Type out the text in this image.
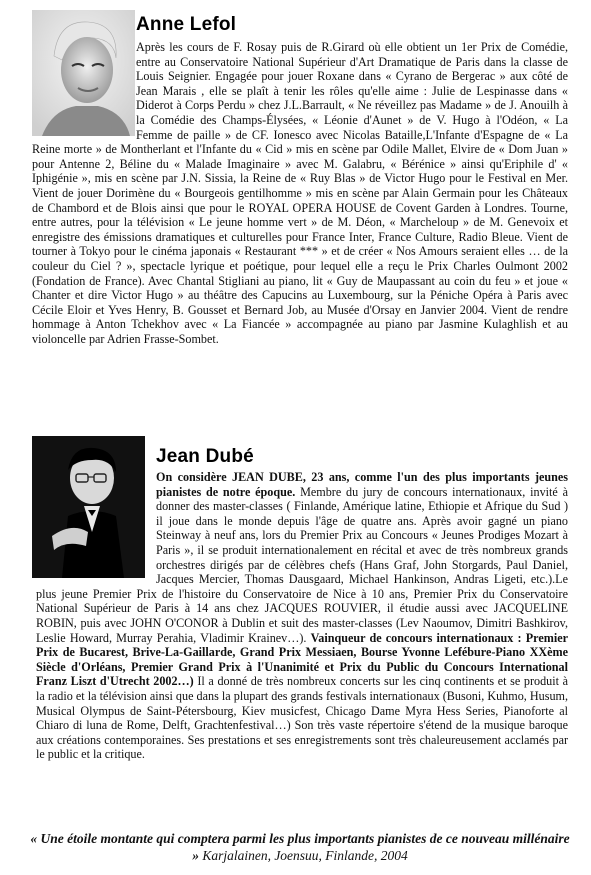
Anne Lefol

Après les cours de F. Rosay puis de R.Girard où elle obtient un 1er Prix de Comédie, entre au Conservatoire National Supérieur d'Art Dramatique de Paris dans la classe de Louis Seignier. Engagée pour jouer Roxane dans « Cyrano de Bergerac » aux côté de Jean Marais , elle se plaît à tenir les rôles qu'elle aime : Julie de Lespinasse dans « Diderot à Corps Perdu » chez J.L.Barrault, « Ne réveillez pas Madame » de J. Anouilh à la Comédie des Champs-Élysées, « Léonie d'Aunet » de V. Hugo à l'Odéon, « La Femme de paille » de CF. Ionesco avec Nicolas Bataille,L'Infante d'Espagne de « La Reine morte » de Montherlant et l'Infante du « Cid » mis en scène par Odile Mallet, Elvire de « Dom Juan » pour Antenne 2, Béline du « Malade Imaginaire » avec M. Galabru, « Bérénice » ainsi qu'Eriphile d' « Iphigénie », mis en scène par J.N. Sissia, la Reine de « Ruy Blas » de Victor Hugo pour le Festival en Mer. Vient de jouer Dorimène du « Bourgeois gentilhomme » mis en scène par Alain Germain pour les Châteaux de Chambord et de Blois ainsi que pour le ROYAL OPERA HOUSE de Covent Garden à Londres. Tourne, entre autres, pour la télévision « Le jeune homme vert » de M. Déon, « Marcheloup » de M. Genevoix et enregistre des émissions dramatiques et culturelles pour France Inter, France Culture, Radio Bleue. Vient de tourner à Tokyo pour le cinéma japonais « Restaurant *** » et de créer « Nos Amours seraient elles … de la couleur du Ciel ? », spectacle lyrique et poétique, pour lequel elle a reçu le Prix Charles Oulmont 2002 (Fondation de France). Avec Chantal Stigliani au piano, lit « Guy de Maupassant au coin du feu » et joue « Chanter et dire Victor Hugo » au théâtre des Capucins au Luxembourg, sur la Péniche Opéra à Paris avec Cécile Eloir et Yves Henry, B. Gousset et Bernard Job, au Musée d'Orsay en Janvier 2004. Vient de rendre hommage à Anton Tchekhov avec « La Fiancée » accompagnée au piano par Jasmine Kulaghlish et au violoncelle par Adrien Frasse-Sombet.

Jean Dubé

On considère JEAN DUBE, 23 ans, comme l'un des plus importants jeunes pianistes de notre époque. Membre du jury de concours internationaux, invité à donner des master-classes ( Finlande, Amérique latine, Ethiopie et Afrique du Sud ) il joue dans le monde depuis l'âge de quatre ans. Après avoir gagné un piano Steinway à neuf ans, lors du Premier Prix au Concours « Jeunes Prodiges Mozart à Paris », il se produit internationalement en récital et avec de très nombreux grands orchestres dirigés par de célèbres chefs (Hans Graf, John Storgards, Paul Daniel, Jacques Mercier, Thomas Dausgaard, Michael Hankinson, Andras Ligeti, etc.).Le plus jeune Premier Prix de l'histoire du Conservatoire de Nice à 10 ans, Premier Prix du Conservatoire National Supérieur de Paris à 14 ans chez JACQUES ROUVIER, il étudie aussi avec JACQUELINE ROBIN, puis avec JOHN O'CONOR à Dublin et suit des master-classes (Lev Naoumov, Dimitri Bashkirov, Leslie Howard, Murray Perahia, Vladimir Krainev…). Vainqueur de concours internationaux : Premier Prix de Bucarest, Brive-La-Gaillarde, Grand Prix Messiaen, Bourse Yvonne Lefébure-Piano XXème Siècle d'Orléans, Premier Grand Prix à l'Unanimité et Prix du Public du Concours International Franz Liszt d'Utrecht 2002…) Il a donné de très nombreux concerts sur les cinq continents et se produit à la radio et la télévision ainsi que dans la plupart des grands festivals internationaux (Busoni, Kuhmo, Husum, Musical Olympus de Saint-Pétersbourg, Kiev musicfest, Chicago Dame Myra Hess Series, Pianoforte al Chiaro di luna de Rome, Delft, Grachtenfestival…) Son très vaste répertoire s'étend de la musique baroque aux créations contemporaines. Ses prestations et ses enregistrements sont très chaleureusement acclamés par le public et la critique.

« Une étoile montante qui comptera parmi les plus importants pianistes de ce nouveau millénaire » Karjalainen, Joensuu, Finlande, 2004
